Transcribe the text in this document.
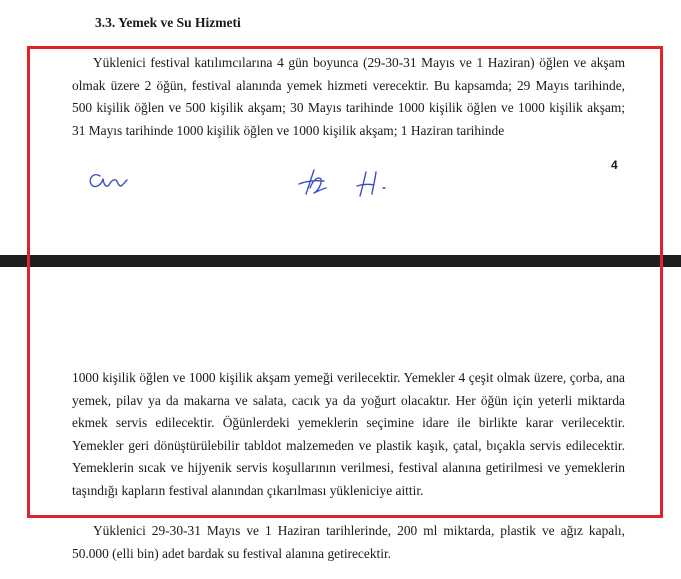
3.3. Yemek ve Su Hizmeti

Yüklenici festival katılımcılarına 4 gün boyunca (29-30-31 Mayıs ve 1 Haziran) öğlen ve akşam olmak üzere 2 öğün, festival alanında yemek hizmeti verecektir. Bu kapsamda; 29 Mayıs tarihinde, 500 kişilik öğlen ve 500 kişilik akşam; 30 Mayıs tarihinde 1000 kişilik öğlen ve 1000 kişilik akşam; 31 Mayıs tarihinde 1000 kişilik öğlen ve 1000 kişilik akşam; 1 Haziran tarihinde

4

1000 kişilik öğlen ve 1000 kişilik akşam yemeği verilecektir. Yemekler 4 çeşit olmak üzere, çorba, ana yemek, pilav ya da makarna ve salata, cacık ya da yoğurt olacaktır. Her öğün için yeterli miktarda ekmek servis edilecektir. Öğünlerdeki yemeklerin seçimine idare ile birlikte karar verilecektir. Yemekler geri dönüştürülebilir tabldot malzemeden ve plastik kaşık, çatal, bıçakla servis edilecektir. Yemeklerin sıcak ve hijyenik servis koşullarının verilmesi, festival alanına getirilmesi ve yemeklerin taşındığı kapların festival alanından çıkarılması yükleniciye aittir.

Yüklenici 29-30-31 Mayıs ve 1 Haziran tarihlerinde, 200 ml miktarda, plastik ve ağız kapalı, 50.000 (elli bin) adet bardak su festival alanına getirecektir.
